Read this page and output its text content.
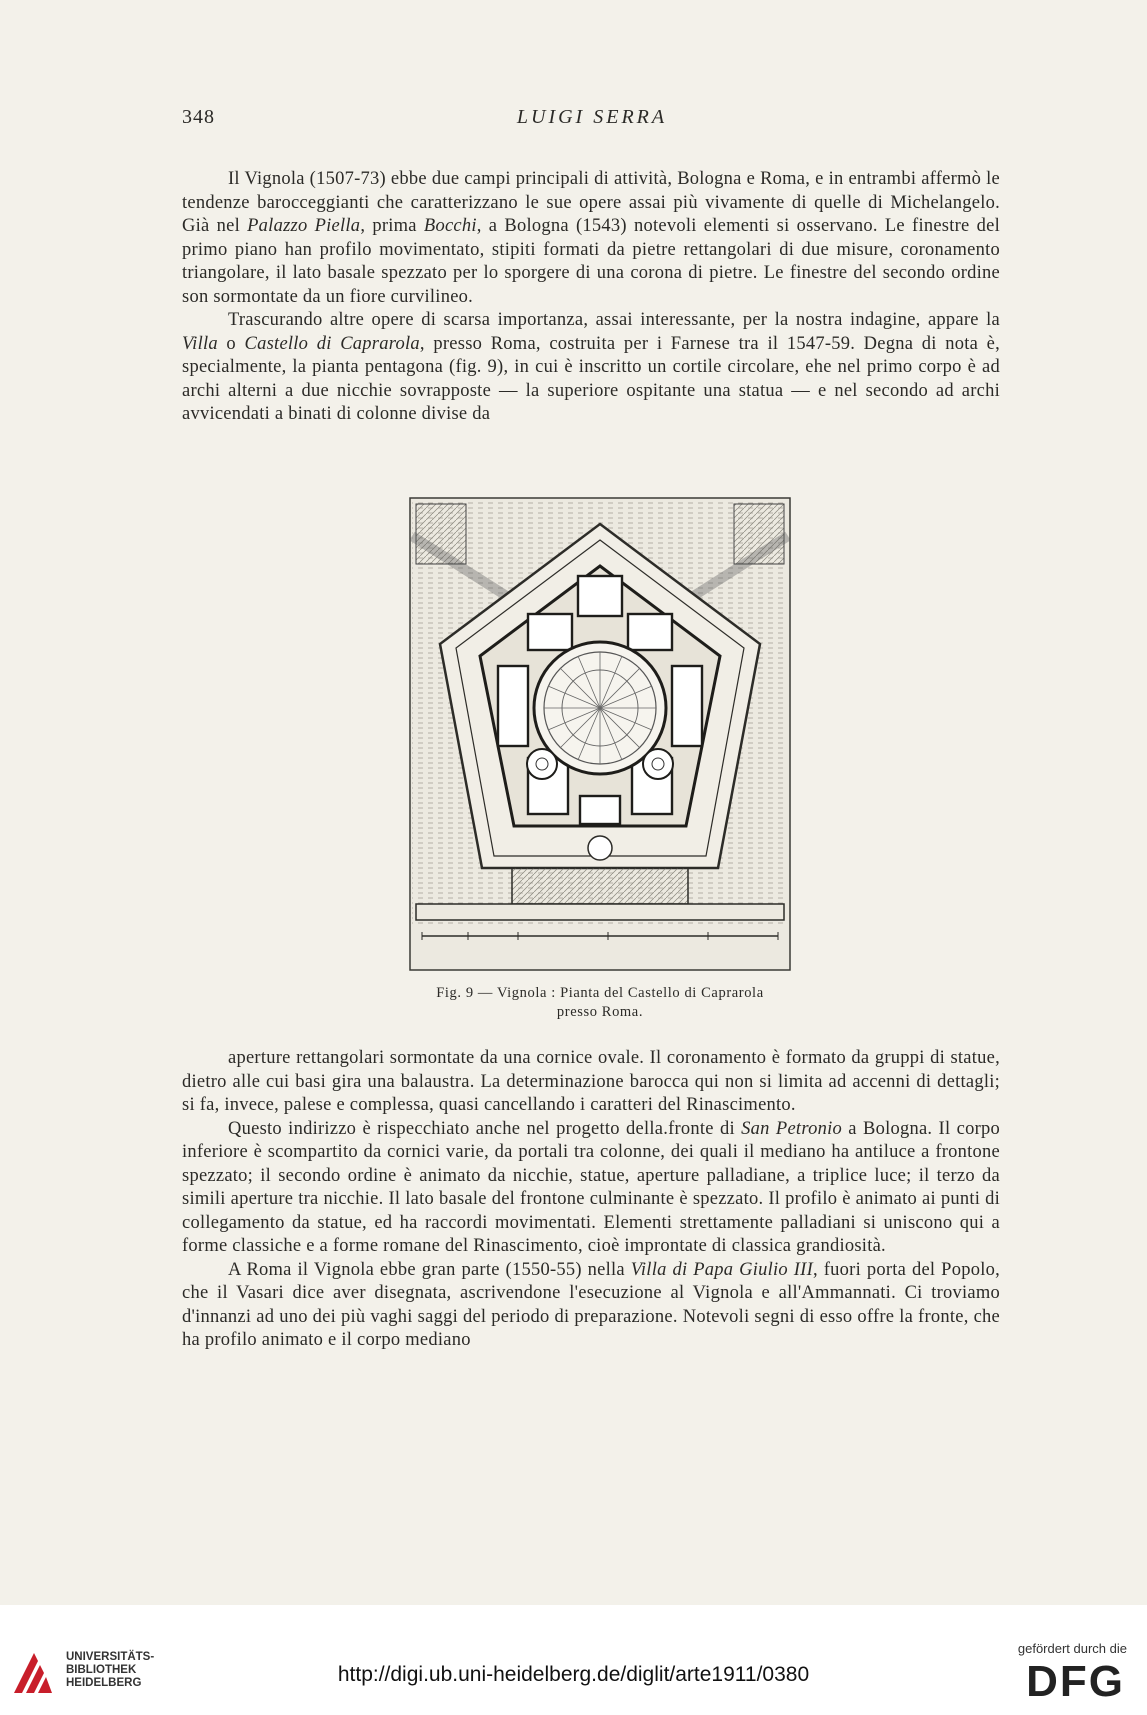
348	LUIGI SERRA

Il Vignola (1507-73) ebbe due campi principali di attività, Bologna e Roma, e in entrambi affermò le tendenze barocceggianti che caratterizzano le sue opere assai più vivamente di quelle di Michelangelo. Già nel Palazzo Piella, prima Bocchi, a Bologna (1543) notevoli elementi si osservano. Le finestre del primo piano han profilo movimentato, stipiti formati da pietre rettangolari di due misure, coronamento triangolare, il lato basale spezzato per lo sporgere di una corona di pietre. Le finestre del secondo ordine son sormontate da un fiore curvilineo.

Trascurando altre opere di scarsa importanza, assai interessante, per la nostra indagine, appare la Villa o Castello di Caprarola, presso Roma, costruita per i Farnese tra il 1547-59. Degna di nota è, specialmente, la pianta pentagona (fig. 9), in cui è inscritto un cortile circolare, ehe nel primo corpo è ad archi alterni a due nicchie sovrapposte — la superiore ospitante una statua — e nel secondo ad archi avvicendati a binati di colonne divise da

Fig. 9 — Vignola : Pianta del Castello di Caprarola
presso Roma.

aperture rettangolari sormontate da una cornice ovale. Il coronamento è formato da gruppi di statue, dietro alle cui basi gira una balaustra. La determinazione barocca qui non si limita ad accenni di dettagli; si fa, invece, palese e complessa, quasi cancellando i caratteri del Rinascimento.

Questo indirizzo è rispecchiato anche nel progetto della.fronte di San Petronio a Bologna. Il corpo inferiore è scompartito da cornici varie, da portali tra colonne, dei quali il mediano ha antiluce a frontone spezzato; il secondo ordine è animato da nicchie, statue, aperture palladiane, a triplice luce; il terzo da simili aperture tra nicchie. Il lato basale del frontone culminante è spezzato. Il profilo è animato ai punti di collegamento da statue, ed ha raccordi movimentati. Elementi strettamente palladiani si uniscono qui a forme classiche e a forme romane del Rinascimento, cioè improntate di classica grandiosità.

A Roma il Vignola ebbe gran parte (1550-55) nella Villa di Papa Giulio III, fuori porta del Popolo, che il Vasari dice aver disegnata, ascrivendone l'esecuzione al Vignola e all'Ammannati. Ci troviamo d'innanzi ad uno dei più vaghi saggi del periodo di preparazione. Notevoli segni di esso offre la fronte, che ha profilo animato e il corpo mediano

UNIVERSITÄTS-
BIBLIOTHEK
HEIDELBERG	http://digi.ub.uni-heidelberg.de/diglit/arte1911/0380
gefördert durch die
DFG
